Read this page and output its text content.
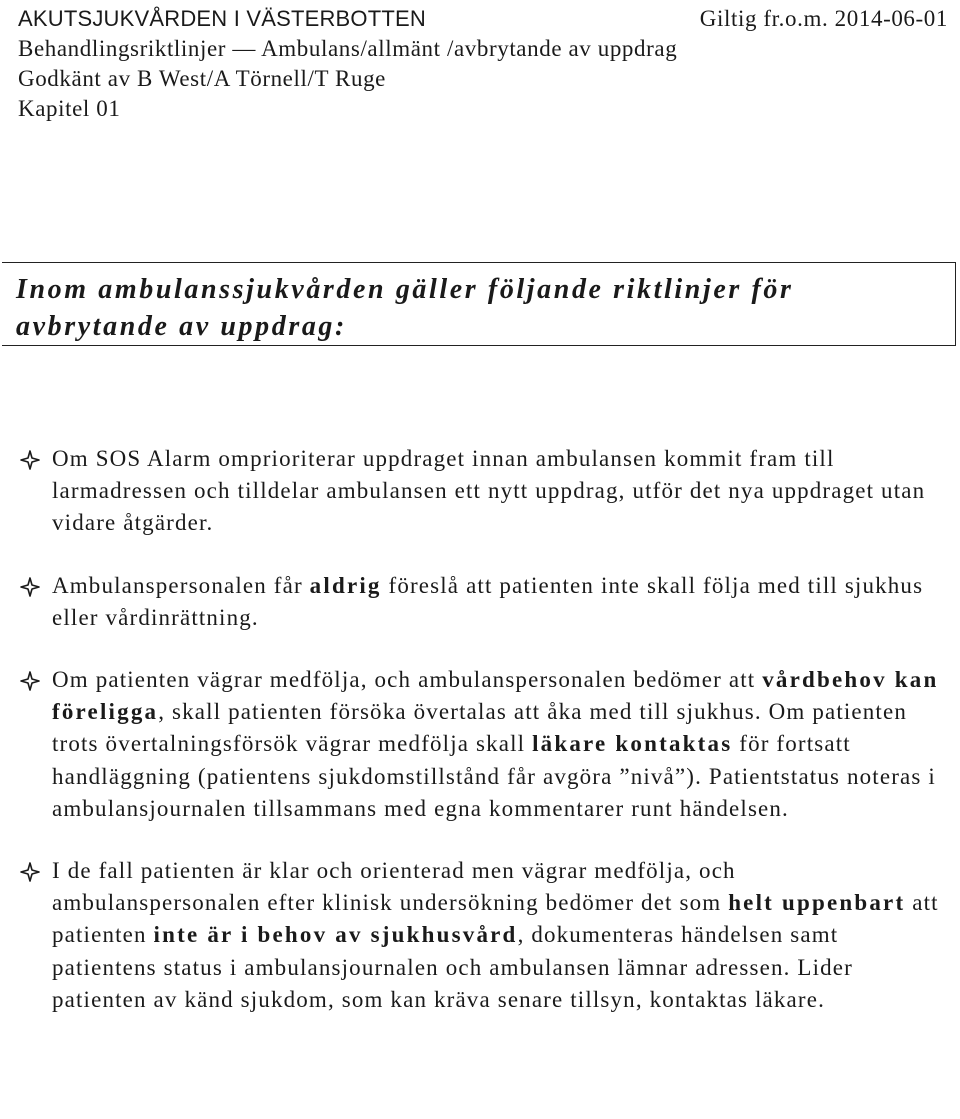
AKUTSJUKVÅRDEN I VÄSTERBOTTEN	Giltig fr.o.m. 2014-06-01
Behandlingsriktlinjer — Ambulans/allmänt /avbrytande av uppdrag
Godkänt av B West/A Törnell/T Ruge
Kapitel 01
Inom ambulanssjukvården gäller följande riktlinjer för avbrytande av uppdrag:

Om SOS Alarm omprioriterar uppdraget innan ambulansen kommit fram till larmadressen och tilldelar ambulansen ett nytt uppdrag, utför det nya uppdraget utan vidare åtgärder.

Ambulanspersonalen får aldrig föreslå att patienten inte skall följa med till sjukhus eller vårdinrättning.

Om patienten vägrar medfölja, och ambulanspersonalen bedömer att vårdbehov kan föreligga, skall patienten försöka övertalas att åka med till sjukhus. Om patienten trots övertalningsförsök vägrar medfölja skall läkare kontaktas för fortsatt handläggning (patientens sjukdomstillstånd får avgöra ”nivå”). Patientstatus noteras i ambulansjournalen tillsammans med egna kommentarer runt händelsen.

I de fall patienten är klar och orienterad men vägrar medfölja, och ambulanspersonalen efter klinisk undersökning bedömer det som helt uppenbart att patienten inte är i behov av sjukhusvård, dokumenteras händelsen samt patientens status i ambulansjournalen och ambulansen lämnar adressen. Lider patienten av känd sjukdom, som kan kräva senare tillsyn, kontaktas läkare.
